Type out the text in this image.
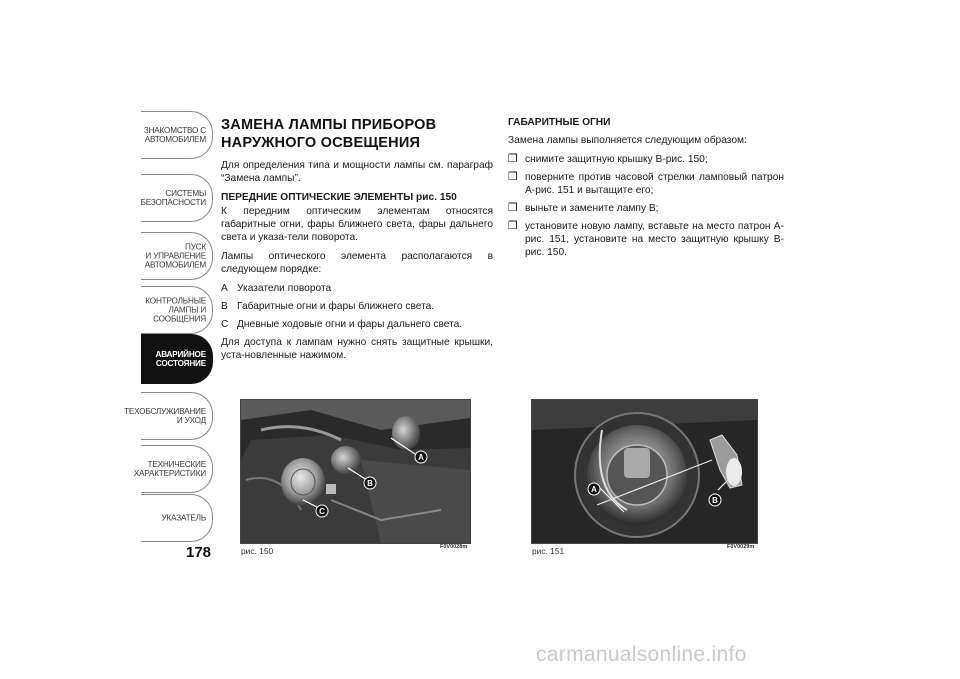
ЗНАКОМСТВО С
АВТОМОБИЛЕМ
СИСТЕМЫ
БЕЗОПАСНОСТИ
ПУСК
И УПРАВЛЕНИЕ
АВТОМОБИЛЕМ
КОНТРОЛЬНЫЕ
ЛАМПЫ И
СООБЩЕНИЯ
АВАРИЙНОЕ
СОСТОЯНИЕ
ТЕХОБСЛУЖИВАНИЕ
И УХОД
ТЕХНИЧЕСКИЕ
ХАРАКТЕРИСТИКИ
УКАЗАТЕЛЬ
178
ЗАМЕНА ЛАМПЫ ПРИБОРОВ
НАРУЖНОГО ОСВЕЩЕНИЯ

Для определения типа и мощности лампы см. параграф “Замена лампы”.

ПЕРЕДНИЕ ОПТИЧЕСКИЕ ЭЛЕМЕНТЫ рис. 150

К передним оптическим элементам относятся габаритные огни, фары ближнего света, фары дальнего света и указа-тели поворота.

Лампы оптического элемента располагаются в следующем порядке:

A Указатели поворота
B Габаритные огни и фары ближнего света.
C Дневные ходовые огни и фары дальнего света.

Для доступа к лампам нужно снять защитные крышки, уста-новленные нажимом.

ГАБАРИТНЫЕ ОГНИ

Замена лампы выполняется следующим образом:

❒ снимите защитную крышку B-рис. 150;
❒ поверните против часовой стрелки ламповый патрон A-рис. 151 и вытащите его;
❒ выньте и замените лампу B;
❒ установите новую лампу, вставьте на место патрон A-рис. 151, установите на место защитную крышку B-рис. 150.
A
B
C
рис. 150	F0V0028m
A
B
рис. 151	F0V0029m
carmanualsonline.info
